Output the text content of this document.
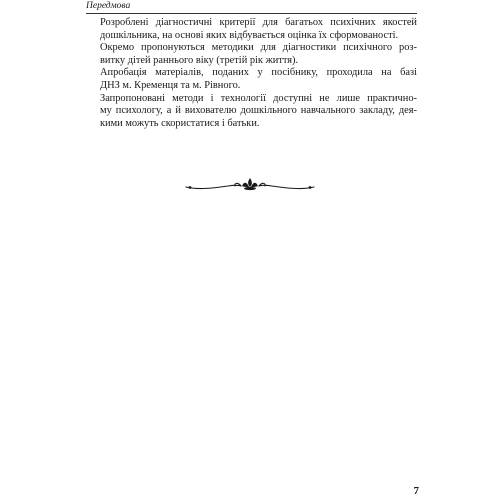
Передмова

Розроблені діагностичні критерії для багатьох психічних якостей
дошкільника, на основі яких відбувається оцінка їх сформованості.

Окремо пропонуються методики для діагностики психічного роз-
витку дітей раннього віку (третій рік життя).

Апробація матеріалів, поданих у посібнику, проходила на базі
ДНЗ м. Кременця та м. Рівного.

Запропоновані методи і технології доступні не лише практично-
му психологу, а й вихователю дошкільного навчального закладу, дея-
кими можуть скористатися і батьки.

7
